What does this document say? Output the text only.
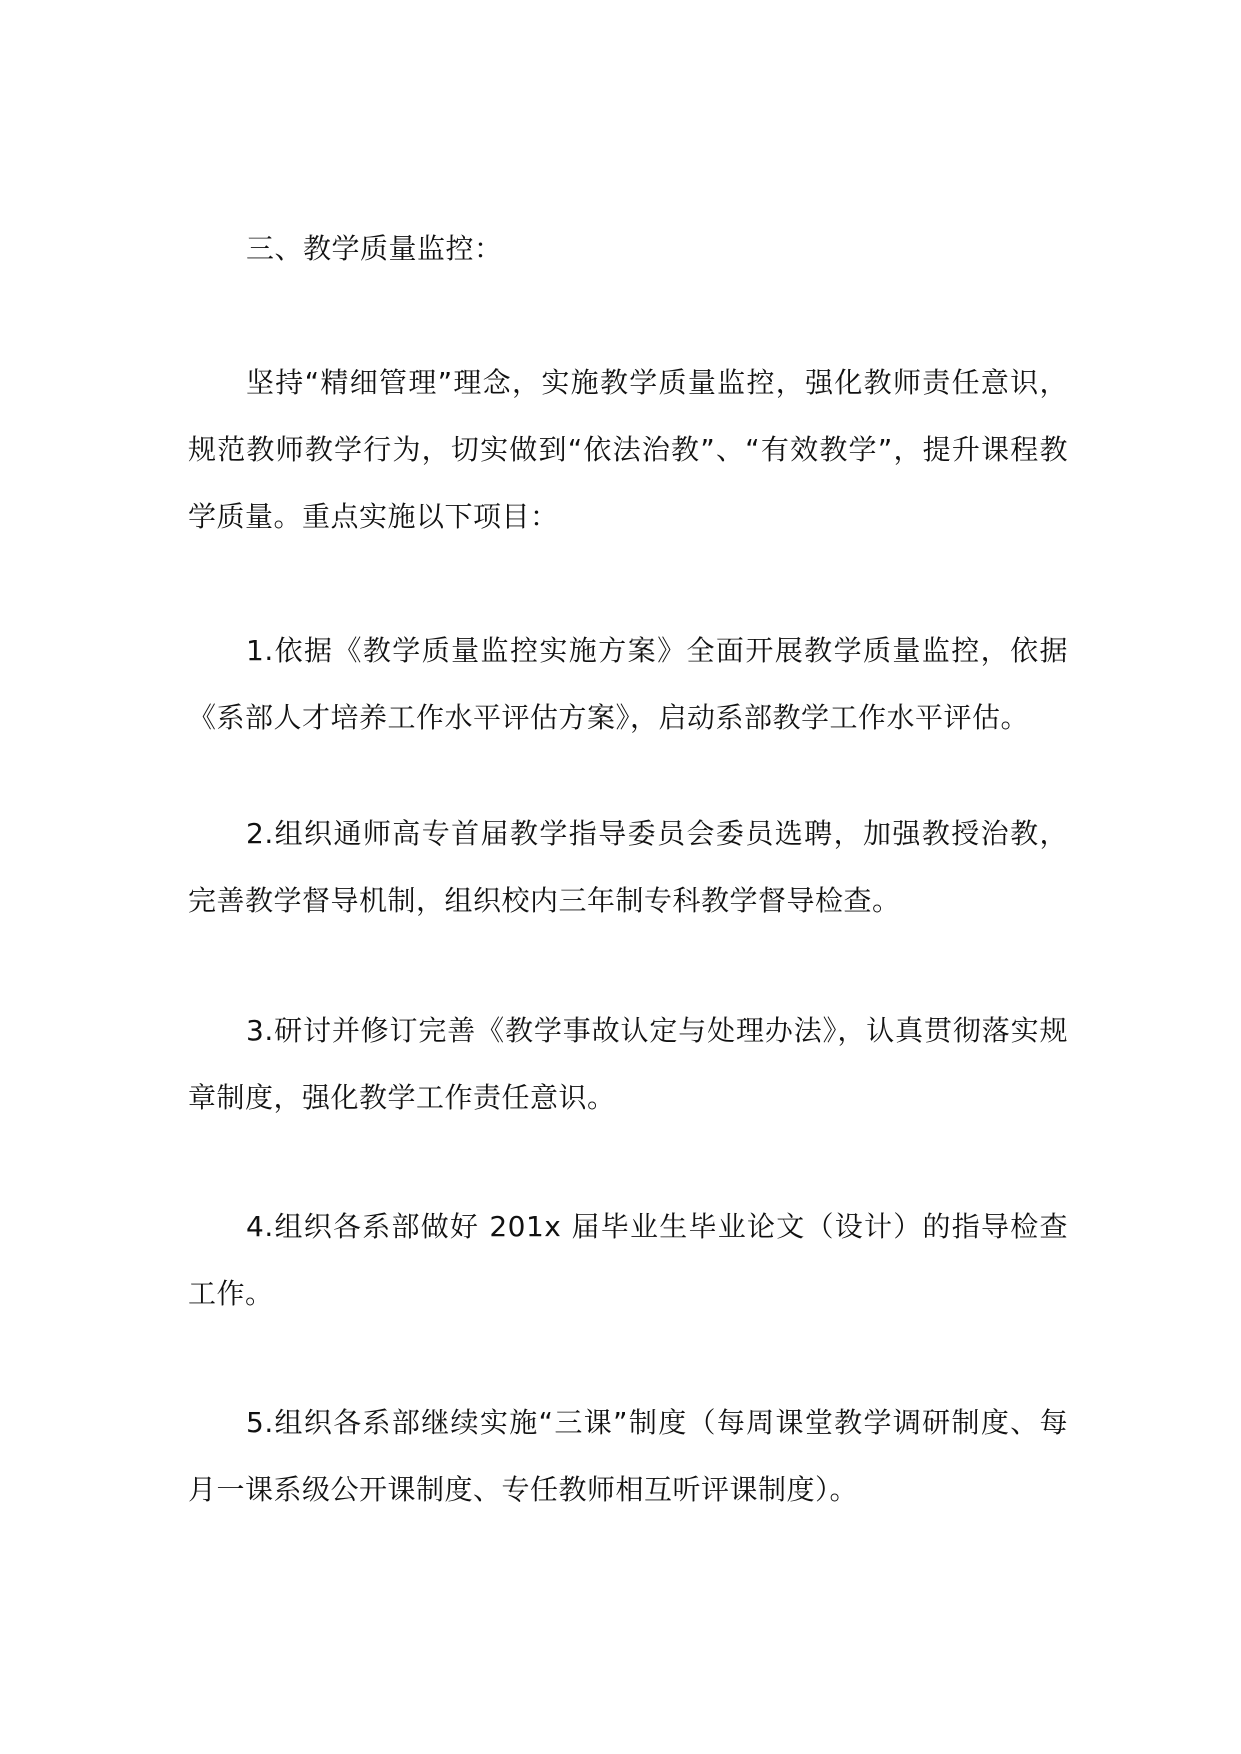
三、教学质量监控：

坚持“精细管理”理念，实施教学质量监控，强化教师责任意识，规范教师教学行为，切实做到“依法治教”、“有效教学”，提升课程教学质量。重点实施以下项目：

1.依据《教学质量监控实施方案》全面开展教学质量监控，依据《系部人才培养工作水平评估方案》，启动系部教学工作水平评估。

2.组织通师高专首届教学指导委员会委员选聘，加强教授治教，完善教学督导机制，组织校内三年制专科教学督导检查。

3.研讨并修订完善《教学事故认定与处理办法》，认真贯彻落实规章制度，强化教学工作责任意识。

4.组织各系部做好 201x 届毕业生毕业论文（设计）的指导检查工作。

5.组织各系部继续实施“三课”制度（每周课堂教学调研制度、每月一课系级公开课制度、专任教师相互听评课制度）。
